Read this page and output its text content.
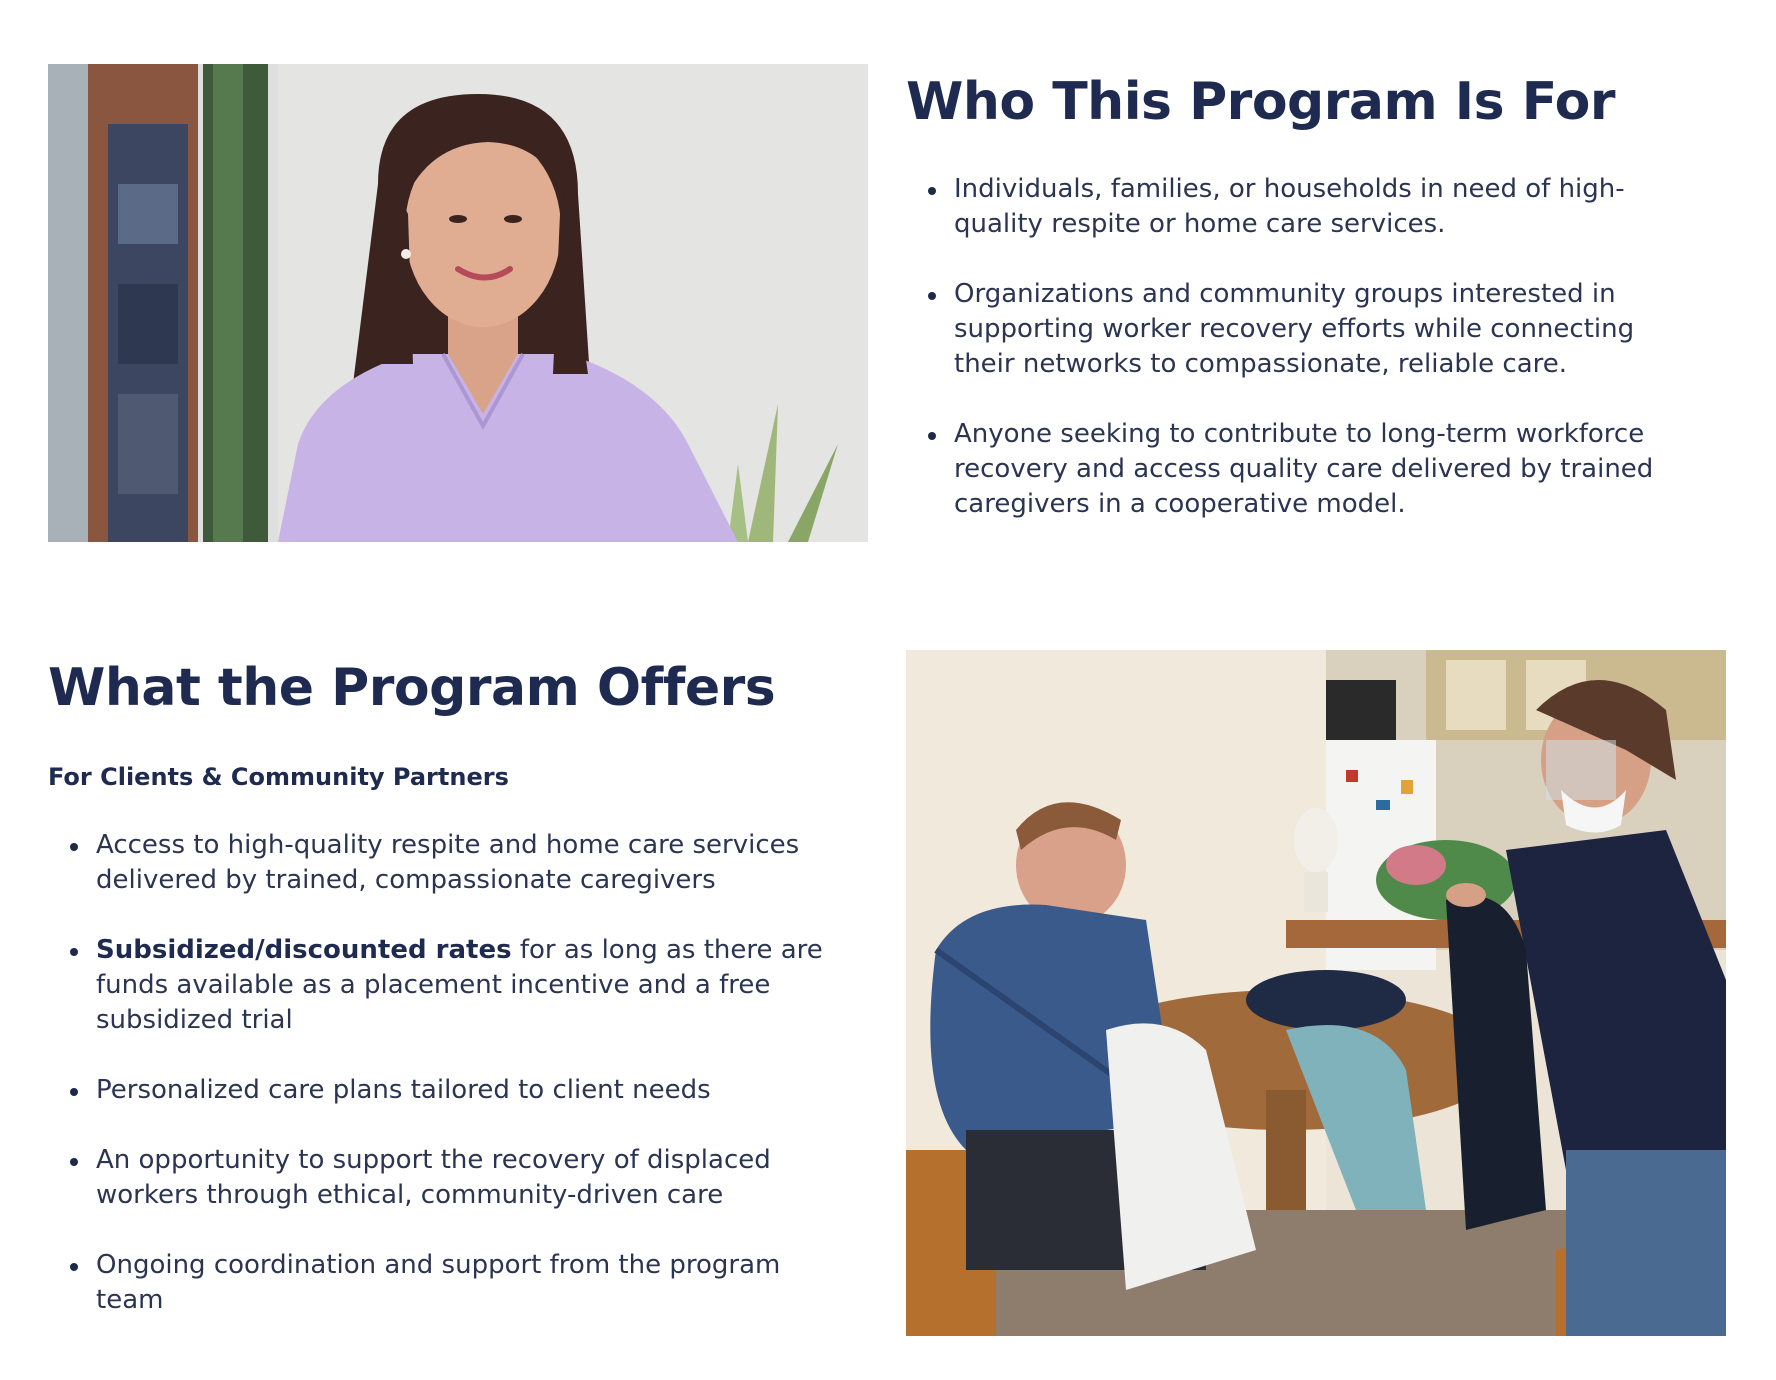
Who This Program Is For
Individuals, families, or households in need of high-quality respite or home care services.
Organizations and community groups interested in supporting worker recovery efforts while connecting their networks to compassionate, reliable care.
Anyone seeking to contribute to long-term workforce recovery and access quality care delivered by trained caregivers in a cooperative model.
What the Program Offers
For Clients & Community Partners
Access to high-quality respite and home care services delivered by trained, compassionate caregivers
Subsidized/discounted rates for as long as there are funds available as a placement incentive and a free subsidized trial
Personalized care plans tailored to client needs
An opportunity to support the recovery of displaced workers through ethical, community-driven care
Ongoing coordination and support from the program team
